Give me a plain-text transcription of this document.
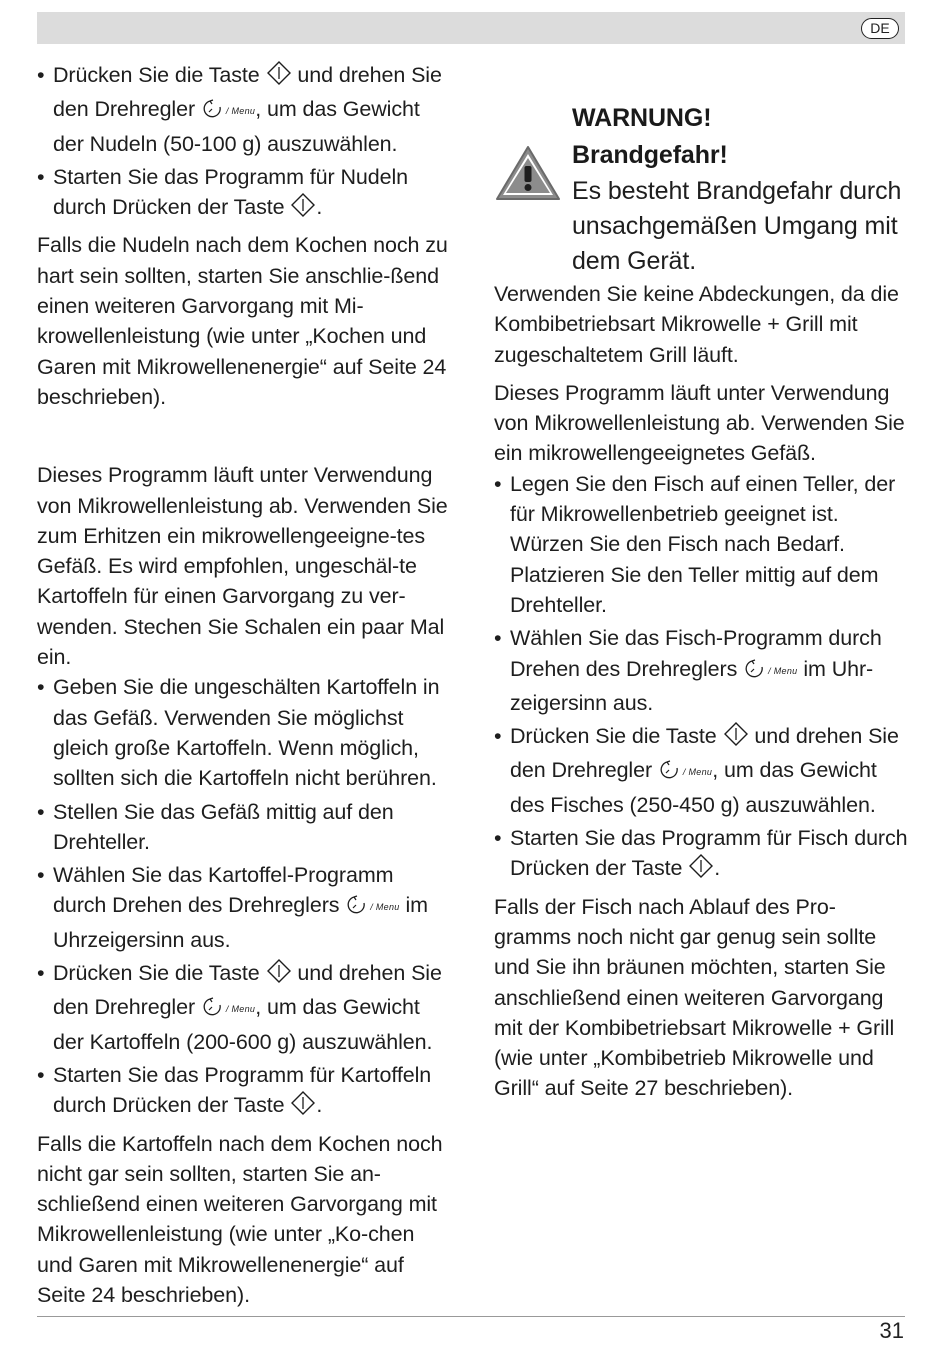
DE
• Drücken Sie die Taste und drehen Sie den Drehregler	/ Menu, um das Gewicht der Nudeln (50-100 g) auszuwählen.
• Starten Sie das Programm für Nudeln durch Drücken der Taste .

Falls die Nudeln nach dem Kochen noch zu hart sein sollten, starten Sie anschlie-ßend einen weiteren Garvorgang mit Mi-krowellenleistung (wie unter „Kochen und Garen mit Mikrowellenenergie“ auf Seite 24 beschrieben).

Dieses Programm läuft unter Verwendung von Mikrowellenleistung ab. Verwenden Sie zum Erhitzen ein mikrowellengeeigne-tes Gefäß. Es wird empfohlen, ungeschäl-te Kartoffeln für einen Garvorgang zu ver-wenden. Stechen Sie Schalen ein paar Mal ein.

• Geben Sie die ungeschälten Kartoffeln in das Gefäß. Verwenden Sie möglichst gleich große Kartoffeln. Wenn möglich, sollten sich die Kartoffeln nicht berühren.
• Stellen Sie das Gefäß mittig auf den Drehteller.
• Wählen Sie das Kartoffel-Programm durch Drehen des Drehreglers	/ Menu im Uhrzeigersinn aus.
• Drücken Sie die Taste und drehen Sie den Drehregler	/ Menu, um das Gewicht der Kartoffeln (200-600 g) auszuwählen.
• Starten Sie das Programm für Kartoffeln durch Drücken der Taste .

Falls die Kartoffeln nach dem Kochen noch nicht gar sein sollten, starten Sie an-schließend einen weiteren Garvorgang mit Mikrowellenleistung (wie unter „Ko-chen und Garen mit Mikrowellenenergie“ auf Seite 24 beschrieben).

WARNUNG!
Brandgefahr!
Es besteht Brandgefahr durch unsachgemäßen Umgang mit dem Gerät.

Verwenden Sie keine Abdeckungen, da die Kombibetriebsart Mikrowelle + Grill mit zugeschaltetem Grill läuft.

Dieses Programm läuft unter Verwendung von Mikrowellenleistung ab. Verwenden Sie ein mikrowellengeeignetes Gefäß.

• Legen Sie den Fisch auf einen Teller, der für Mikrowellenbetrieb geeignet ist. Würzen Sie den Fisch nach Bedarf. Platzieren Sie den Teller mittig auf dem Drehteller.
• Wählen Sie das Fisch-Programm durch Drehen des Drehreglers	/ Menu im Uhr-zeigersinn aus.
• Drücken Sie die Taste und drehen Sie den Drehregler	/ Menu, um das Gewicht des Fisches (250-450 g) auszuwählen.
• Starten Sie das Programm für Fisch durch Drücken der Taste .

Falls der Fisch nach Ablauf des Pro-gramms noch nicht gar genug sein sollte und Sie ihn bräunen möchten, starten Sie anschließend einen weiteren Garvorgang mit der Kombibetriebsart Mikrowelle + Grill (wie unter „Kombibetrieb Mikrowelle und Grill“ auf Seite 27 beschrieben).

31
